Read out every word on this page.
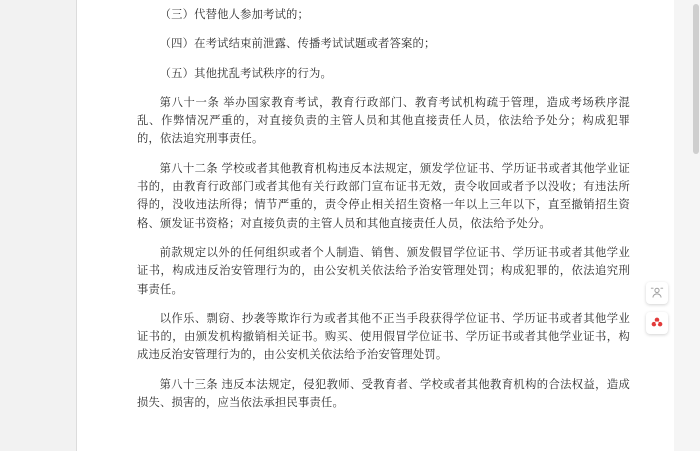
（三）代替他人参加考试的；

（四）在考试结束前泄露、传播考试试题或者答案的；

（五）其他扰乱考试秩序的行为。

第八十一条 举办国家教育考试，教育行政部门、教育考试机构疏于管理，造成考场秩序混乱、作弊情况严重的，对直接负责的主管人员和其他直接责任人员，依法给予处分；构成犯罪的，依法追究刑事责任。

第八十二条 学校或者其他教育机构违反本法规定，颁发学位证书、学历证书或者其他学业证书的，由教育行政部门或者其他有关行政部门宣布证书无效，责令收回或者予以没收；有违法所得的，没收违法所得；情节严重的，责令停止相关招生资格一年以上三年以下，直至撤销招生资格、颁发证书资格；对直接负责的主管人员和其他直接责任人员，依法给予处分。

前款规定以外的任何组织或者个人制造、销售、颁发假冒学位证书、学历证书或者其他学业证书，构成违反治安管理行为的，由公安机关依法给予治安管理处罚；构成犯罪的，依法追究刑事责任。

以作乐、剽窃、抄袭等欺诈行为或者其他不正当手段获得学位证书、学历证书或者其他学业证书的，由颁发机构撤销相关证书。购买、使用假冒学位证书、学历证书或者其他学业证书，构成违反治安管理行为的，由公安机关依法给予治安管理处罚。

第八十三条 违反本法规定，侵犯教师、受教育者、学校或者其他教育机构的合法权益，造成损失、损害的，应当依法承担民事责任。
